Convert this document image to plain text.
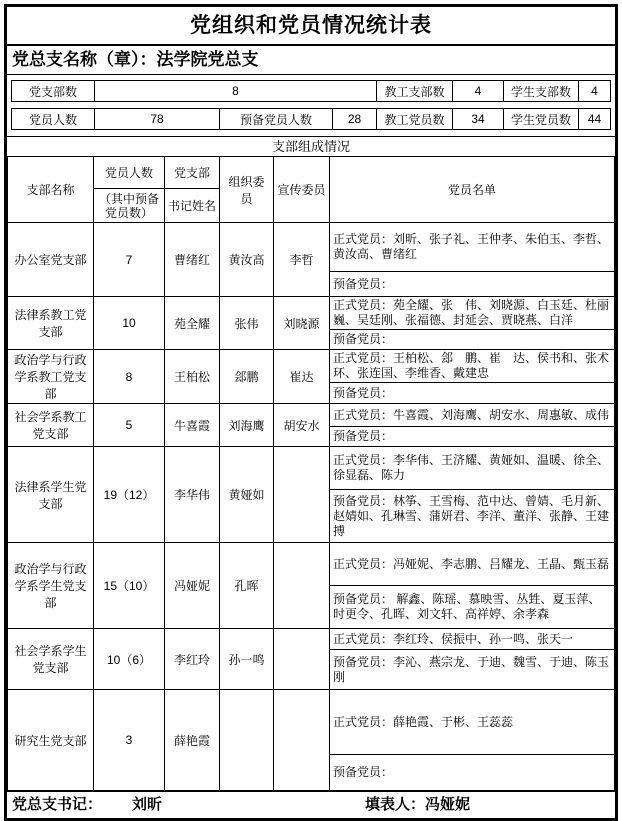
党组织和党员情况统计表
党总支名称（章）：法学院党总支
党支部数	8	教工支部数	4	学生支部数	4
党员人数	78	预备党员人数	28	教工党员数	34	学生党员数	44
支部组成情况
支部名称	党员人数	党支部	组织委员	宣传委员	党员名单
	（其中预备党员数）	书记姓名			
办公室党支部	7	曹绪红	黄汝高	李哲	正式党员：刘昕、张子礼、王仲孝、朱伯玉、李哲、黄汝高、曹绪红
					预备党员：
法律系教工党支部	10	苑全耀	张伟	刘晓源	正式党员：苑全耀、张　伟、刘晓源、白玉廷、杜丽巍、吴廷刚、张福德、封延会、贾晓燕、白洋
					预备党员：
政治学与行政学系教工党支部	8	王柏松	郐鹏	崔达	正式党员：王柏松、郐　鹏、崔　达、侯书和、张术环、张连国、李维香、戴建忠
					预备党员：
社会学系教工党支部	5	牛喜霞	刘海鹰	胡安水	正式党员：牛喜霞、刘海鹰、胡安水、周惠敏、成伟
					预备党员：
法律系学生党支部	19（12）	李华伟	黄娅如		正式党员：李华伟、王济耀、黄娅如、温暖、徐全、徐显磊、陈力
					预备党员：林筝、王雪梅、范中达、曾婧、毛月新、赵婧如、孔琳雪、蒲妍君、李洋、董洋、张静、王建搏
政治学与行政学系学生党支部	15（10）	冯娅妮	孔晖		正式党员：冯娅妮、李志鹏、吕耀龙、王晶、甄玉磊
					预备党员： 解鑫、陈瑶、慕映雪、丛甡、夏玉萍、时更令、孔晖、刘文轩、高祥婷、余孝森
社会学系学生党支部	10（6）	李红玲	孙一鸣		正式党员：李红玲、侯振中、孙一鸣、张天一
					预备党员：李沁、燕宗龙、于迪、魏雪、于迪、陈玉刚
研究生党支部	3	薛艳霞			正式党员：薛艳霞、于彬、王蕊蕊
					预备党员：
党总支书记： 刘昕	填表人：冯娅妮
